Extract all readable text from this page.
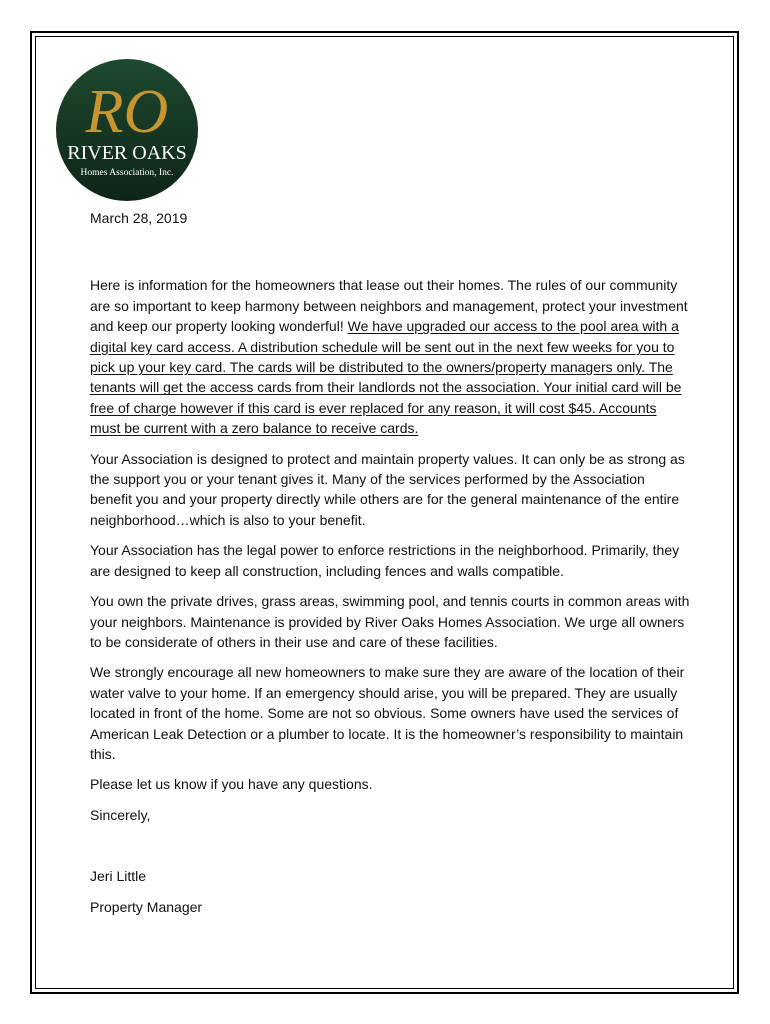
RO
RIVER OAKS
Homes Association, Inc.

March 28, 2019

Here is information for the homeowners that lease out their homes. The rules of our community are so important to keep harmony between neighbors and management, protect your investment and keep our property looking wonderful! We have upgraded our access to the pool area with a digital key card access. A distribution schedule will be sent out in the next few weeks for you to pick up your key card. The cards will be distributed to the owners/property managers only. The tenants will get the access cards from their landlords not the association. Your initial card will be free of charge however if this card is ever replaced for any reason, it will cost $45. Accounts must be current with a zero balance to receive cards.

Your Association is designed to protect and maintain property values. It can only be as strong as the support you or your tenant gives it. Many of the services performed by the Association benefit you and your property directly while others are for the general maintenance of the entire neighborhood…which is also to your benefit.

Your Association has the legal power to enforce restrictions in the neighborhood. Primarily, they are designed to keep all construction, including fences and walls compatible.

You own the private drives, grass areas, swimming pool, and tennis courts in common areas with your neighbors. Maintenance is provided by River Oaks Homes Association. We urge all owners to be considerate of others in their use and care of these facilities.

We strongly encourage all new homeowners to make sure they are aware of the location of their water valve to your home. If an emergency should arise, you will be prepared. They are usually located in front of the home. Some are not so obvious. Some owners have used the services of American Leak Detection or a plumber to locate. It is the homeowner’s responsibility to maintain this.

Please let us know if you have any questions.

Sincerely,

Jeri Little

Property Manager
